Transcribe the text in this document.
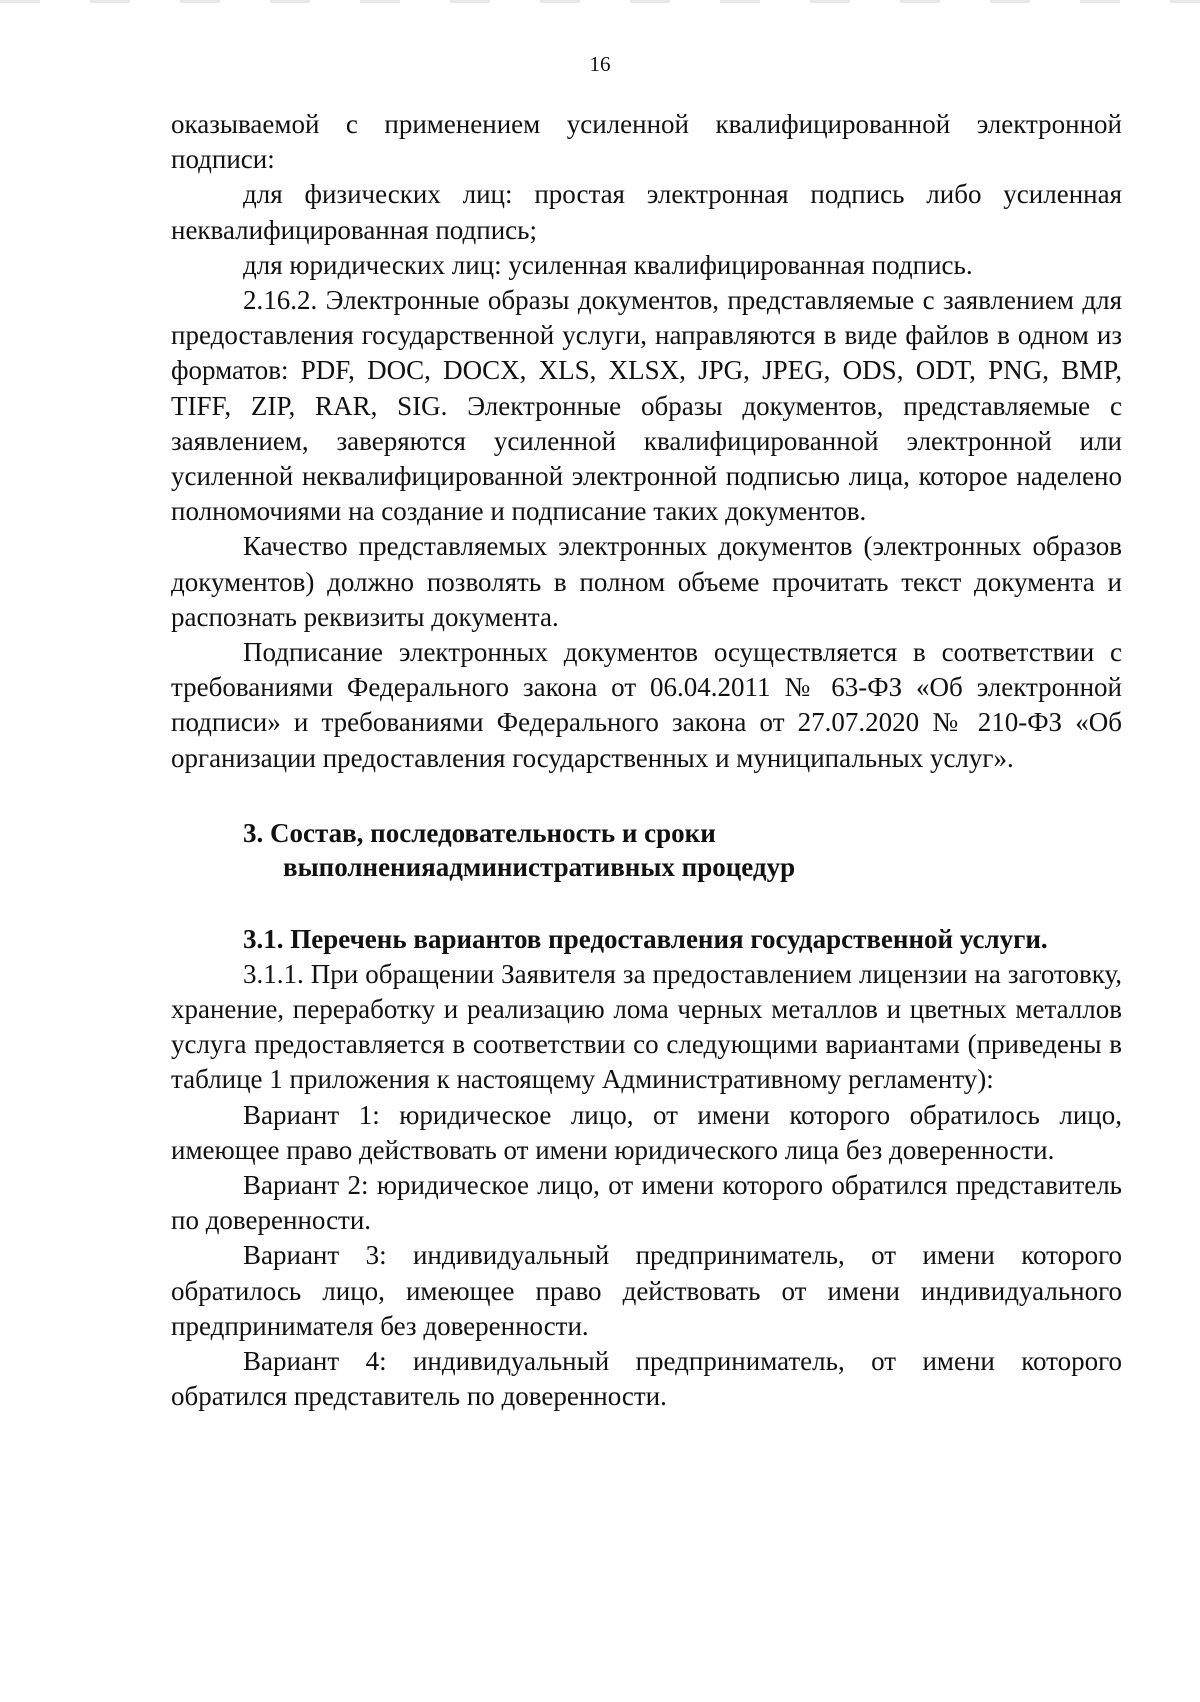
16

оказываемой с применением усиленной квалифицированной электронной подписи:

для физических лиц: простая электронная подпись либо усиленная неквалифицированная подпись;

для юридических лиц: усиленная квалифицированная подпись.

2.16.2. Электронные образы документов, представляемые с заявлением для предоставления государственной услуги, направляются в виде файлов в одном из форматов: PDF, DOC, DOCX, XLS, XLSX, JPG, JPEG, ODS, ODT, PNG, BMP, TIFF, ZIP, RAR, SIG. Электронные образы документов, представляемые с заявлением, заверяются усиленной квалифицированной электронной или усиленной неквалифицированной электронной подписью лица, которое наделено полномочиями на создание и подписание таких документов.

Качество представляемых электронных документов (электронных образов документов) должно позволять в полном объеме прочитать текст документа и распознать реквизиты документа.

Подписание электронных документов осуществляется в соответствии с требованиями Федерального закона от 06.04.2011 № 63-ФЗ «Об электронной подписи» и требованиями Федерального закона от 27.07.2020 № 210-ФЗ «Об организации предоставления государственных и муниципальных услуг».

3. Состав, последовательность и сроки
выполненияадминистративных процедур
3.1. Перечень вариантов предоставления государственной услуги.

3.1.1. При обращении Заявителя за предоставлением лицензии на заготовку, хранение, переработку и реализацию лома черных металлов и цветных металлов услуга предоставляется в соответствии со следующими вариантами (приведены в таблице 1 приложения к настоящему Административному регламенту):

Вариант 1: юридическое лицо, от имени которого обратилось лицо, имеющее право действовать от имени юридического лица без доверенности.

Вариант 2: юридическое лицо, от имени которого обратился представитель по доверенности.

Вариант 3: индивидуальный предприниматель, от имени которого обратилось лицо, имеющее право действовать от имени индивидуального предпринимателя без доверенности.

Вариант 4: индивидуальный предприниматель, от имени которого обратился представитель по доверенности.
